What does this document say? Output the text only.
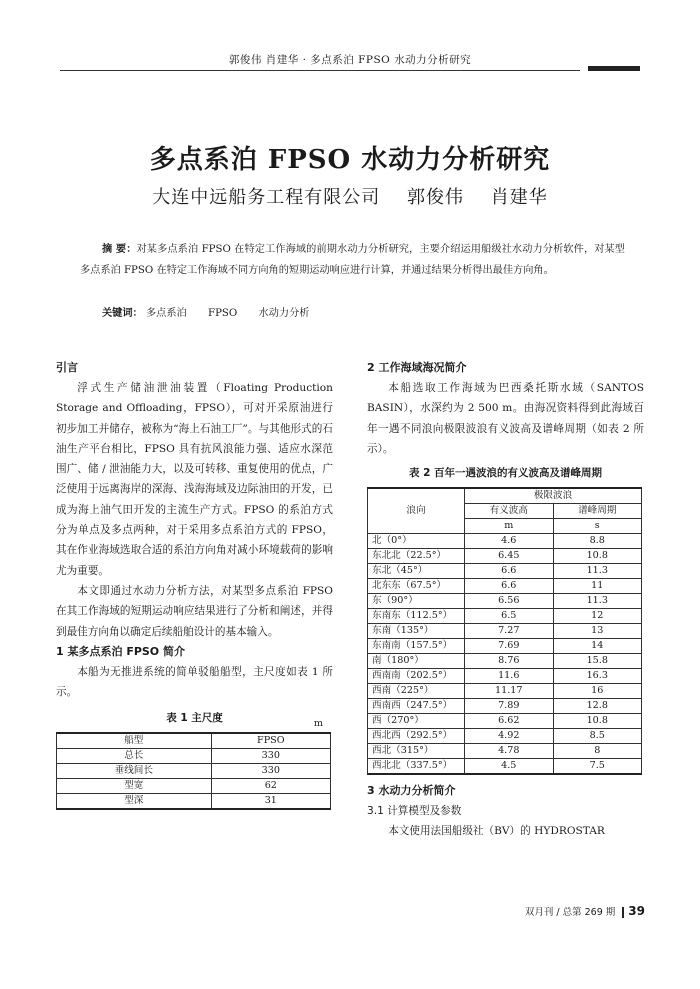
郭俊伟 肖建华 · 多点系泊 FPSO 水动力分析研究
多点系泊 FPSO 水动力分析研究
大连中远船务工程有限公司 郭俊伟 肖建华
摘 要：对某多点系泊 FPSO 在特定工作海域的前期水动力分析研究，主要介绍运用船级社水动力分析软件，对某型多点系泊 FPSO 在特定工作海域不同方向角的短期运动响应进行计算，并通过结果分析得出最佳方向角。
关键词： 多点系泊 FPSO 水动力分析
引言

浮式生产储油泄油装置（Floating Production Storage and Offloading，FPSO），可对开采原油进行初步加工并储存，被称为“海上石油工厂”。与其他形式的石油生产平台相比，FPSO 具有抗风浪能力强、适应水深范围广、储 / 泄油能力大，以及可转移、重复使用的优点，广泛使用于远离海岸的深海、浅海海域及边际油田的开发，已成为海上油气田开发的主流生产方式。FPSO 的系泊方式分为单点及多点两种，对于采用多点系泊方式的 FPSO，其在作业海域选取合适的系泊方向角对减小环境载荷的影响尤为重要。

本文即通过水动力分析方法，对某型多点系泊 FPSO 在其工作海域的短期运动响应结果进行了分析和阐述，并得到最佳方向角以确定后续船舶设计的基本输入。

1 某多点系泊 FPSO 简介

本船为无推进系统的简单驳船船型，主尺度如表 1 所示。

表 1 主尺度	m
船型	FPSO
总长	330
垂线间长	330
型宽	62
型深	31
2 工作海域海况简介

本船选取工作海域为巴西桑托斯水域（SANTOS BASIN），水深约为 2 500 m。由海况资料得到此海域百年一遇不同浪向极限波浪有义波高及谱峰周期（如表 2 所示）。

表 2 百年一遇波浪的有义波高及谱峰周期
浪向	极限波浪	
	有义波高	谱峰周期
	m	s
北（0°）	4.6	8.8
东北北（22.5°）	6.45	10.8
东北（45°）	6.6	11.3
北东东（67.5°）	6.6	11
东（90°）	6.56	11.3
东南东（112.5°）	6.5	12
东南（135°）	7.27	13
东南南（157.5°）	7.69	14
南（180°）	8.76	15.8
西南南（202.5°）	11.6	16.3
西南（225°）	11.17	16
西南西（247.5°）	7.89	12.8
西（270°）	6.62	10.8
西北西（292.5°）	4.92	8.5
西北（315°）	4.78	8
西北北（337.5°）	4.5	7.5
3 水动力分析简介
3.1 计算模型及参数

本文使用法国船级社（BV）的 HYDROSTAR

双月刊 / 总第 269 期 39
